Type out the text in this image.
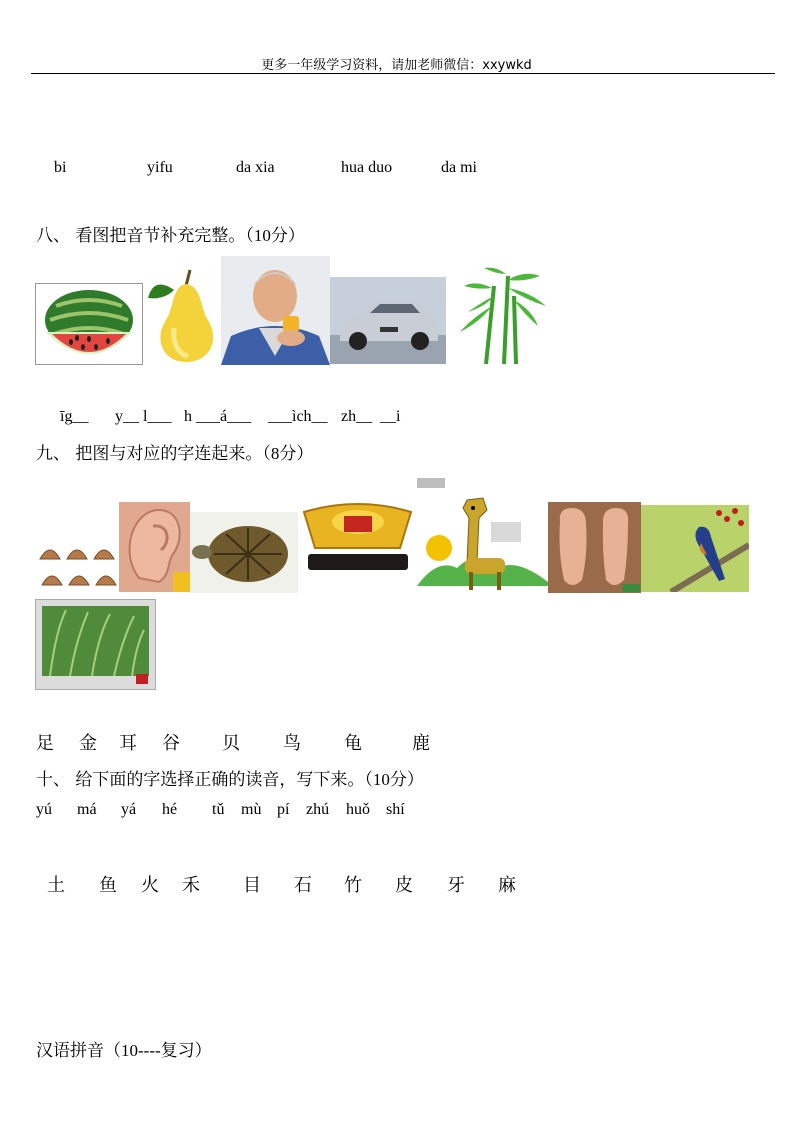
更多一年级学习资料，请加老师微信：xxywkd
bi	yifu	da xia	hua duo	da mi
八、 看图把音节补充完整。（10分）
īg__ y__ l___ h ___á___ ___ìch__ zh__ __i
九、 把图与对应的字连起来。（8分）
足 金 耳 谷 贝 鸟 龟	鹿
十、 给下面的字选择正确的读音，写下来。（10分）
yú má yá hé tǔ mù pí zhú huǒ shí
土 鱼 火 禾 目 石 竹 皮 牙 麻
汉语拼音（10----复习）
